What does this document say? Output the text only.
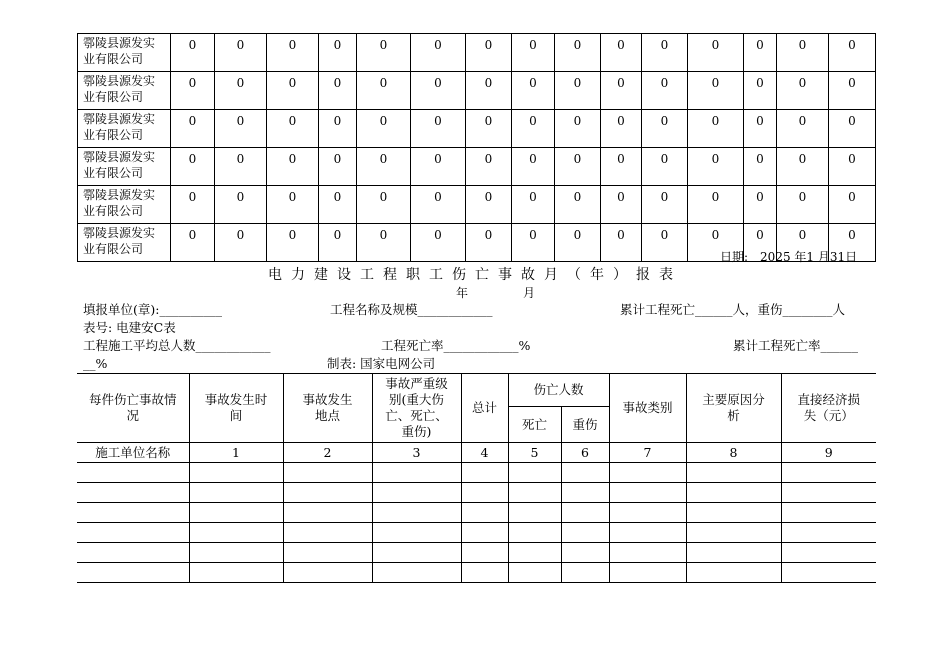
鄠陵县源发实业有限公司	0	0	0	0	0	0	0	0	0	0	0	0	0	0	0
鄠陵县源发实业有限公司	0	0	0	0	0	0	0	0	0	0	0	0	0	0	0
鄠陵县源发实业有限公司	0	0	0	0	0	0	0	0	0	0	0	0	0	0	0
鄠陵县源发实业有限公司	0	0	0	0	0	0	0	0	0	0	0	0	0	0	0
鄠陵县源发实业有限公司	0	0	0	0	0	0	0	0	0	0	0	0	0	0	0
鄠陵县源发实业有限公司	0	0	0	0	0	0	0	0	0	0	0	0	0	0	0
日期:　2025 年1 月31日
电力建设工程职工伤亡事故月（年）报表
年	月
填报单位(章):__________	工程名称及规模____________	累计工程死亡______人，重伤________人
表号: 电建安C表
工程施工平均总人数____________	工程死亡率____________%	累计工程死亡率______
__%	制表: 国家电网公司
每件伤亡事故情况	事故发生时间	事故发生地点	事故严重级别(重大伤亡、死亡、重伤)	总计	伤亡人数		事故类别	主要原因分析	直接经济损失（元）
					死亡	重伤			
施工单位名称	1	2	3	4	5	6	7	8	9
